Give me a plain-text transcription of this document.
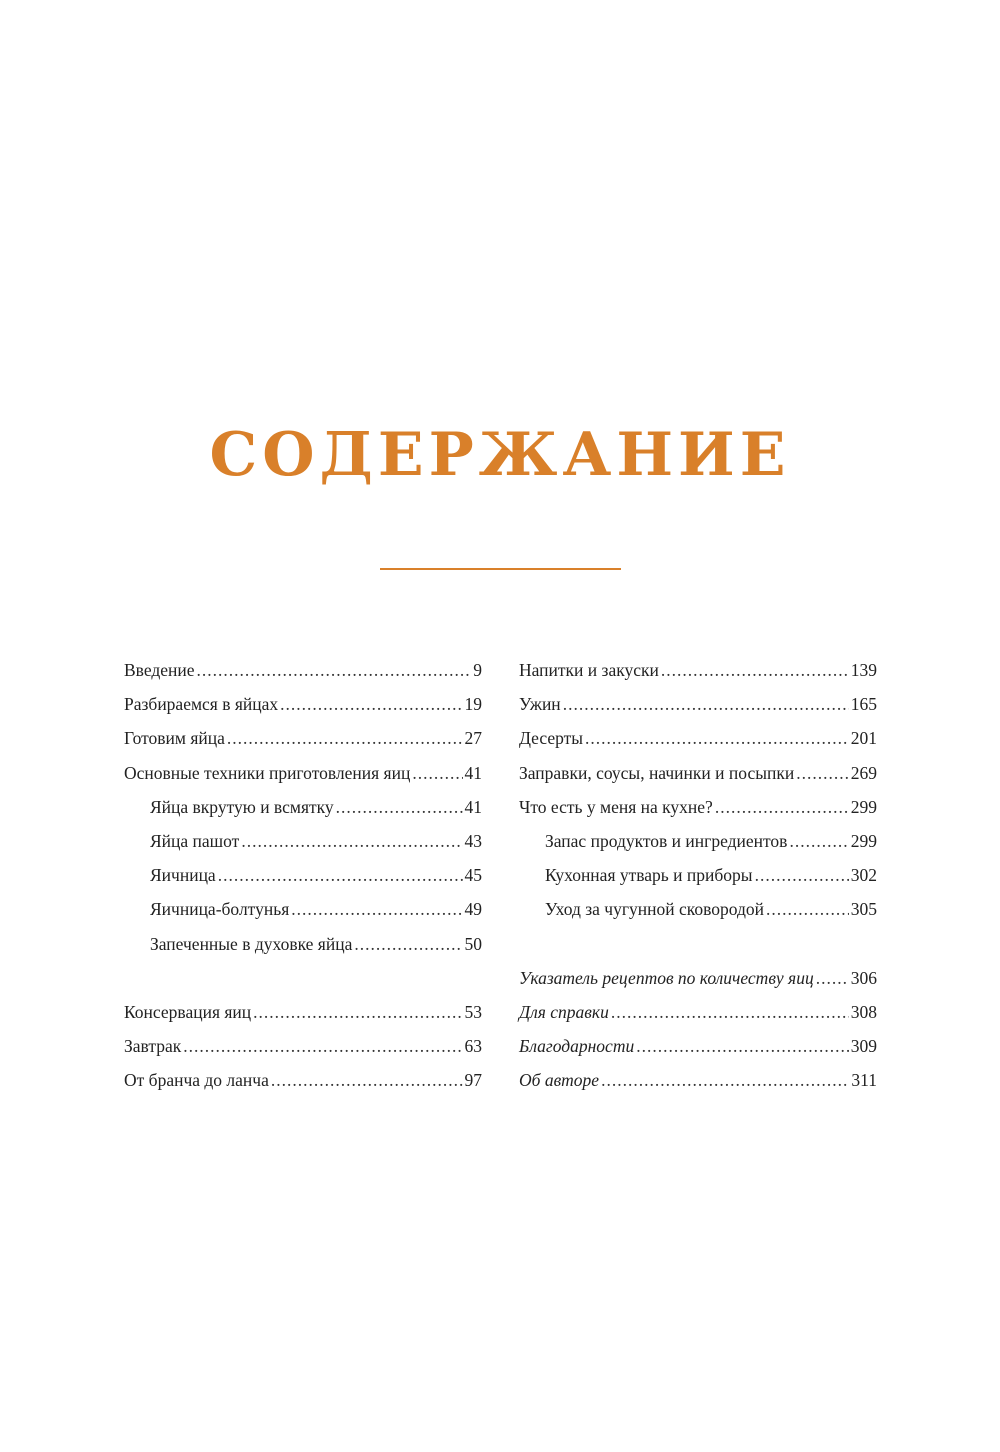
СОДЕРЖАНИЕ
Введение .....	9
Разбираемся в яйцах .....	19
Готовим яйца .....	27
Основные техники приготовления яиц .....	41
Яйца вкрутую и всмятку .....	41
Яйца пашот .....	43
Яичница .....	45
Яичница-болтунья .....	49
Запеченные в духовке яйца .....	50
Консервация яиц .....	53
Завтрак .....	63
От бранча до ланча .....	97
Напитки и закуски .....	139
Ужин .....	165
Десерты .....	201
Заправки, соусы, начинки и посыпки .....	269
Что есть у меня на кухне? .....	299
Запас продуктов и ингредиентов .....	299
Кухонная утварь и приборы .....	302
Уход за чугунной сковородой .....	305
Указатель рецептов по количеству яиц ..... 306
Для справки .....	308
Благодарности .....	309
Об авторе .....	311
